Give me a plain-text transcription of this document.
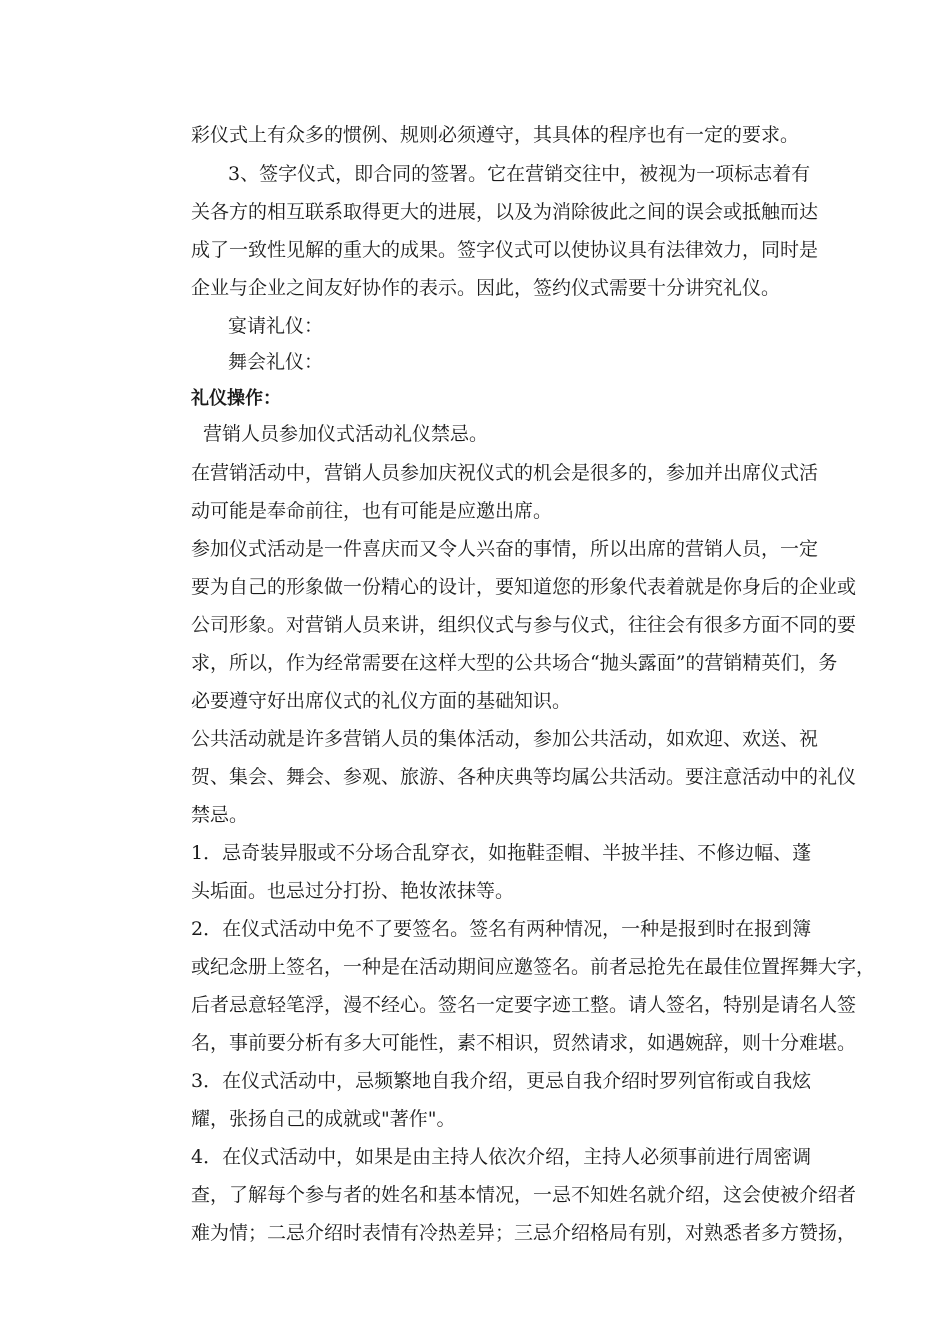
彩仪式上有众多的惯例、规则必须遵守，其具体的程序也有一定的要求。
3、签字仪式，即合同的签署。它在营销交往中，被视为一项标志着有
关各方的相互联系取得更大的进展，以及为消除彼此之间的误会或抵触而达
成了一致性见解的重大的成果。签字仪式可以使协议具有法律效力，同时是
企业与企业之间友好协作的表示。因此，签约仪式需要十分讲究礼仪。
宴请礼仪：
舞会礼仪：
礼仪操作：
营销人员参加仪式活动礼仪禁忌。
在营销活动中，营销人员参加庆祝仪式的机会是很多的，参加并出席仪式活
动可能是奉命前往，也有可能是应邀出席。
参加仪式活动是一件喜庆而又令人兴奋的事情，所以出席的营销人员，一定
要为自己的形象做一份精心的设计，要知道您的形象代表着就是你身后的企业或
公司形象。对营销人员来讲，组织仪式与参与仪式，往往会有很多方面不同的要
求，所以，作为经常需要在这样大型的公共场合“抛头露面”的营销精英们，务
必要遵守好出席仪式的礼仪方面的基础知识。
公共活动就是许多营销人员的集体活动，参加公共活动，如欢迎、欢送、祝
贺、集会、舞会、参观、旅游、各种庆典等均属公共活动。要注意活动中的礼仪
禁忌。
1．忌奇装异服或不分场合乱穿衣，如拖鞋歪帽、半披半挂、不修边幅、蓬
头垢面。也忌过分打扮、艳妆浓抹等。
2．在仪式活动中免不了要签名。签名有两种情况，一种是报到时在报到簿
或纪念册上签名，一种是在活动期间应邀签名。前者忌抢先在最佳位置挥舞大字，
后者忌意轻笔浮，漫不经心。签名一定要字迹工整。请人签名，特别是请名人签
名，事前要分析有多大可能性，素不相识，贸然请求，如遇婉辞，则十分难堪。
3．在仪式活动中，忌频繁地自我介绍，更忌自我介绍时罗列官衔或自我炫
耀，张扬自己的成就或"著作"。
4．在仪式活动中，如果是由主持人依次介绍，主持人必须事前进行周密调
查，了解每个参与者的姓名和基本情况，一忌不知姓名就介绍，这会使被介绍者
难为情；二忌介绍时表情有冷热差异；三忌介绍格局有别，对熟悉者多方赞扬，
